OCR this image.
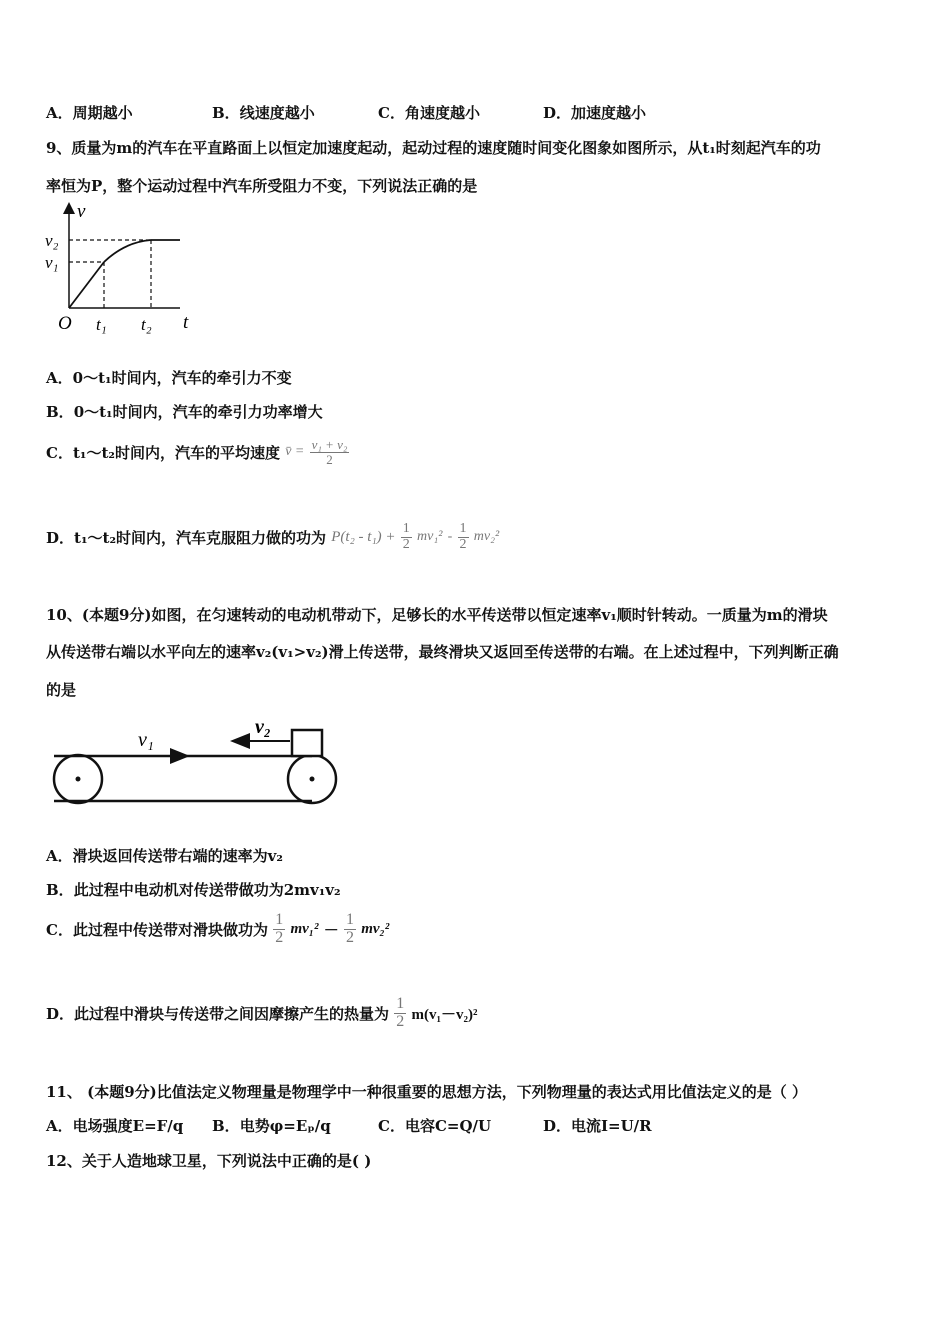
A．周期越小	B．线速度越小	C．角速度越小	D．加速度越小
9、质量为m的汽车在平直路面上以恒定加速度起动，起动过程的速度随时间变化图象如图所示，从t₁时刻起汽车的功
率恒为P，整个运动过程中汽车所受阻力不变，下列说法正确的是
t
v
O
v₂
v₁
t₁ t₂
A．0～t₁时间内，汽车的牵引力不变
B．0～t₁时间内，汽车的牵引力功率增大
C．t₁～t₂时间内，汽车的平均速度 v̄ = $\frac{\text{v₁ + v₂}}{2}$
D．t₁～t₂时间内，汽车克服阻力做的功为 $P(t_2 - t_1) + \frac{1}{2} mv_1^2 - \frac{1}{2} mv_2^2$
10、(本题9分)如图，在匀速转动的电动机带动下，足够长的水平传送带以恒定速率v₁顺时针转动。一质量为m的滑块
从传送带右端以水平向左的速率v₂(v₁>v₂)滑上传送带，最终滑块又返回至传送带的右端。在上述过程中，下列判断正确
的是
v₁
v₂
A．滑块返回传送带右端的速率为v₂
B．此过程中电动机对传送带做功为2mv₁v₂
C．此过程中传送带对滑块做功为 $\frac{1}{2} mv_1^2 - \frac{1}{2} mv_2^2$
D．此过程中滑块与传送带之间因摩擦产生的热量为 $\frac{1}{2} m(v_1-v_2)^2$
11、 (本题9分)比值法定义物理量是物理学中一种很重要的思想方法，下列物理量的表达式用比值法定义的是（ ）
A．电场强度E=F/q B．电势φ=Eₚ/q	C．电容C=Q/U	D．电流I=U/R
12、关于人造地球卫星，下列说法中正确的是( )
